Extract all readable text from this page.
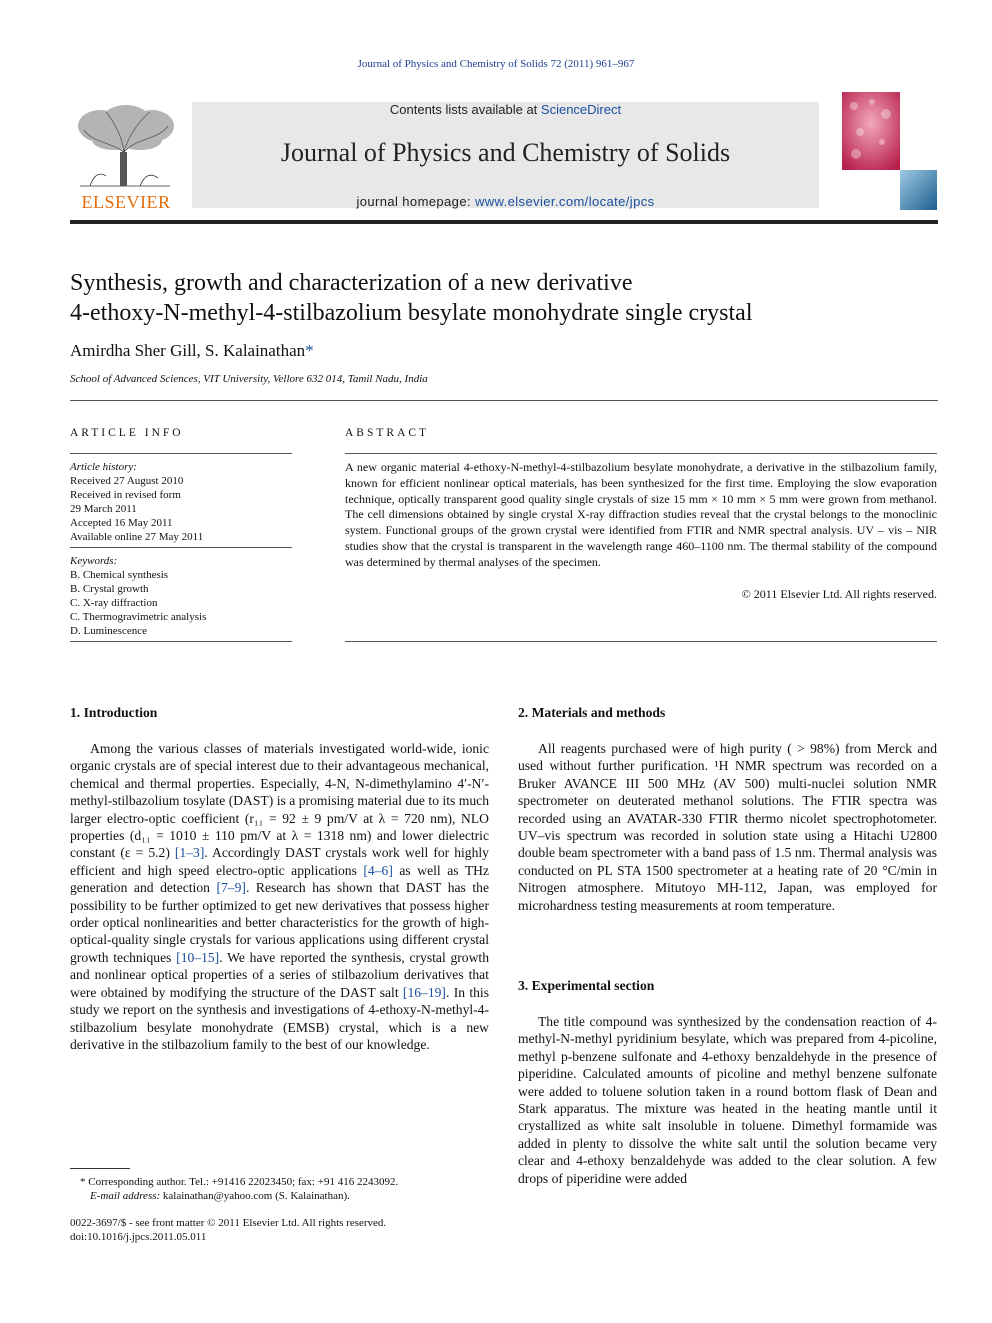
Journal of Physics and Chemistry of Solids 72 (2011) 961–967
ELSEVIER
Contents lists available at ScienceDirect
Journal of Physics and Chemistry of Solids
journal homepage: www.elsevier.com/locate/jpcs
Synthesis, growth and characterization of a new derivative
4-ethoxy-N-methyl-4-stilbazolium besylate monohydrate single crystal
Amirdha Sher Gill, S. Kalainathan*
School of Advanced Sciences, VIT University, Vellore 632 014, Tamil Nadu, India
ARTICLE INFO	ABSTRACT
Article history:
Received 27 August 2010
Received in revised form
29 March 2011
Accepted 16 May 2011
Available online 27 May 2011
Keywords:
B. Chemical synthesis
B. Crystal growth
C. X-ray diffraction
C. Thermogravimetric analysis
D. Luminescence
A new organic material 4-ethoxy-N-methyl-4-stilbazolium besylate monohydrate, a derivative in the stilbazolium family, known for efficient nonlinear optical materials, has been synthesized for the first time. Employing the slow evaporation technique, optically transparent good quality single crystals of size 15 mm × 10 mm × 5 mm were grown from methanol. The cell dimensions obtained by single crystal X-ray diffraction studies reveal that the crystal belongs to the monoclinic system. Functional groups of the grown crystal were identified from FTIR and NMR spectral analysis. UV – vis – NIR studies show that the crystal is transparent in the wavelength range 460–1100 nm. The thermal stability of the compound was determined by thermal analyses of the specimen.
© 2011 Elsevier Ltd. All rights reserved.
1. Introduction

Among the various classes of materials investigated world-wide, ionic organic crystals are of special interest due to their advantageous mechanical, chemical and thermal properties. Especially, 4-N, N-dimethylamino 4′-N′-methyl-stilbazolium tosylate (DAST) is a promising material due to its much larger electro-optic coefficient (r₁₁ = 92 ± 9 pm/V at λ = 720 nm), NLO properties (d₁₁ = 1010 ± 110 pm/V at λ = 1318 nm) and lower dielectric constant (ε = 5.2) [1–3]. Accordingly DAST crystals work well for highly efficient and high speed electro-optic applications [4–6] as well as THz generation and detection [7–9]. Research has shown that DAST has the possibility to be further optimized to get new derivatives that possess higher order optical nonlinearities and better characteristics for the growth of high-optical-quality single crystals for various applications using different crystal growth techniques [10–15]. We have reported the synthesis, crystal growth and nonlinear optical properties of a series of stilbazolium derivatives that were obtained by modifying the structure of the DAST salt [16–19]. In this study we report on the synthesis and investigations of 4-ethoxy-N-methyl-4-stilbazolium besylate monohydrate (EMSB) crystal, which is a new derivative in the stilbazolium family to the best of our knowledge.

2. Materials and methods

All reagents purchased were of high purity ( > 98%) from Merck and used without further purification. ¹H NMR spectrum was recorded on a Bruker AVANCE III 500 MHz (AV 500) multi-nuclei solution NMR spectrometer on deuterated methanol solutions. The FTIR spectra was recorded using an AVATAR-330 FTIR thermo nicolet spectrophotometer. UV–vis spectrum was recorded in solution state using a Hitachi U2800 double beam spectrometer with a band pass of 1.5 nm. Thermal analysis was conducted on PL STA 1500 spectrometer at a heating rate of 20 °C/min in Nitrogen atmosphere. Mitutoyo MH-112, Japan, was employed for microhardness testing measurements at room temperature.

3. Experimental section

The title compound was synthesized by the condensation reaction of 4-methyl-N-methyl pyridinium besylate, which was prepared from 4-picoline, methyl p-benzene sulfonate and 4-ethoxy benzaldehyde in the presence of piperidine. Calculated amounts of picoline and methyl benzene sulfonate were added to toluene solution taken in a round bottom flask of Dean and Stark apparatus. The mixture was heated in the heating mantle until it crystallized as white salt insoluble in toluene. Dimethyl formamide was added in plenty to dissolve the white salt until the solution became very clear and 4-ethoxy benzaldehyde was added to the clear solution. A few drops of piperidine were added

* Corresponding author. Tel.: +91416 22023450; fax: +91 416 2243092.
E-mail address: kalainathan@yahoo.com (S. Kalainathan).
0022-3697/$ - see front matter © 2011 Elsevier Ltd. All rights reserved.
doi:10.1016/j.jpcs.2011.05.011
